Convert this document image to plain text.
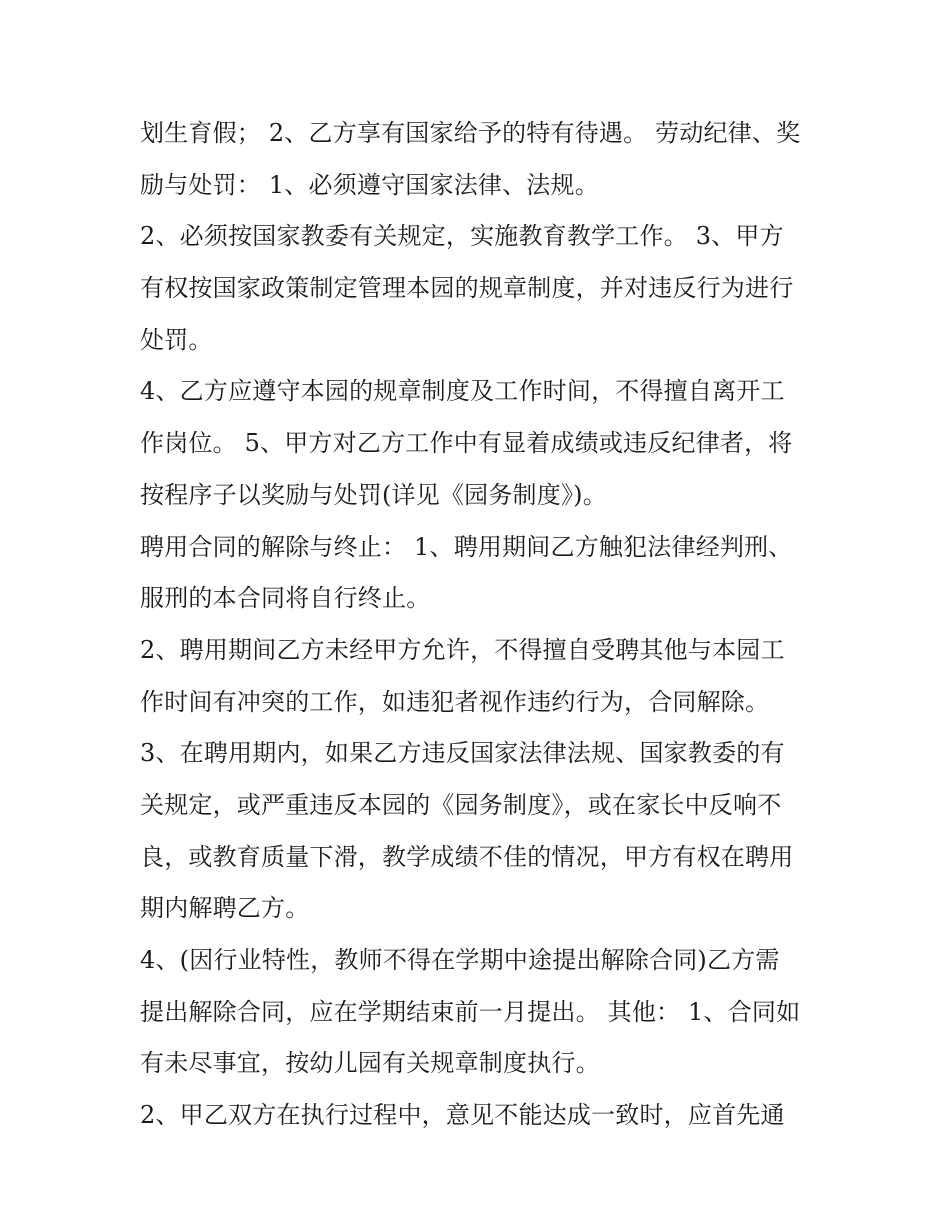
划生育假； 2、乙方享有国家给予的特有待遇。 劳动纪律、奖
励与处罚： 1、必须遵守国家法律、法规。
2、必须按国家教委有关规定，实施教育教学工作。 3、甲方
有权按国家政策制定管理本园的规章制度，并对违反行为进行
处罚。
4、乙方应遵守本园的规章制度及工作时间，不得擅自离开工
作岗位。 5、甲方对乙方工作中有显着成绩或违反纪律者，将
按程序子以奖励与处罚(详见《园务制度》)。
聘用合同的解除与终止： 1、聘用期间乙方触犯法律经判刑、
服刑的本合同将自行终止。
2、聘用期间乙方未经甲方允许，不得擅自受聘其他与本园工
作时间有冲突的工作，如违犯者视作违约行为，合同解除。
3、在聘用期内，如果乙方违反国家法律法规、国家教委的有
关规定，或严重违反本园的《园务制度》，或在家长中反响不
良，或教育质量下滑，教学成绩不佳的情况，甲方有权在聘用
期内解聘乙方。
4、(因行业特性，教师不得在学期中途提出解除合同)乙方需
提出解除合同，应在学期结束前一月提出。 其他： 1、合同如
有未尽事宜，按幼儿园有关规章制度执行。
2、甲乙双方在执行过程中，意见不能达成一致时，应首先通
